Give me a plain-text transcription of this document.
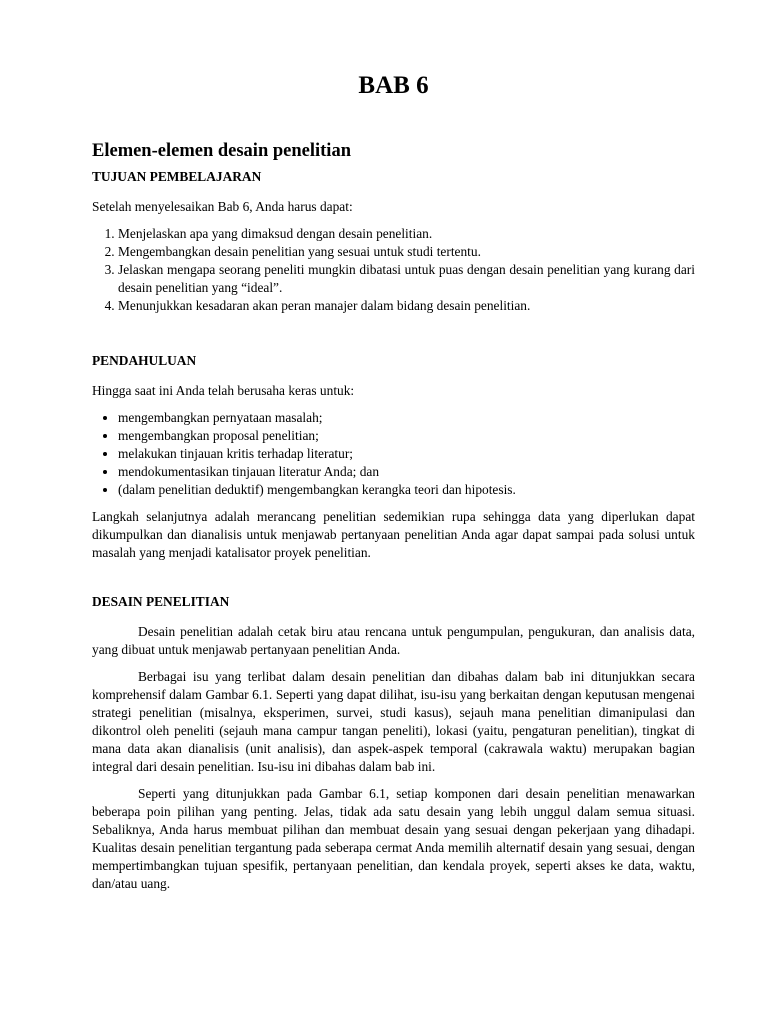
BAB 6
Elemen-elemen desain penelitian
TUJUAN PEMBELAJARAN

Setelah menyelesaikan Bab 6, Anda harus dapat:

1. Menjelaskan apa yang dimaksud dengan desain penelitian.
2. Mengembangkan desain penelitian yang sesuai untuk studi tertentu.
3. Jelaskan mengapa seorang peneliti mungkin dibatasi untuk puas dengan desain penelitian yang kurang dari desain penelitian yang “ideal”.
4. Menunjukkan kesadaran akan peran manajer dalam bidang desain penelitian.
PENDAHULUAN

Hingga saat ini Anda telah berusaha keras untuk:

• mengembangkan pernyataan masalah;
• mengembangkan proposal penelitian;
• melakukan tinjauan kritis terhadap literatur;
• mendokumentasikan tinjauan literatur Anda; dan
• (dalam penelitian deduktif) mengembangkan kerangka teori dan hipotesis.

Langkah selanjutnya adalah merancang penelitian sedemikian rupa sehingga data yang diperlukan dapat dikumpulkan dan dianalisis untuk menjawab pertanyaan penelitian Anda agar dapat sampai pada solusi untuk masalah yang menjadi katalisator proyek penelitian.

DESAIN PENELITIAN

Desain penelitian adalah cetak biru atau rencana untuk pengumpulan, pengukuran, dan analisis data, yang dibuat untuk menjawab pertanyaan penelitian Anda.

Berbagai isu yang terlibat dalam desain penelitian dan dibahas dalam bab ini ditunjukkan secara komprehensif dalam Gambar 6.1. Seperti yang dapat dilihat, isu-isu yang berkaitan dengan keputusan mengenai strategi penelitian (misalnya, eksperimen, survei, studi kasus), sejauh mana penelitian dimanipulasi dan dikontrol oleh peneliti (sejauh mana campur tangan peneliti), lokasi (yaitu, pengaturan penelitian), tingkat di mana data akan dianalisis (unit analisis), dan aspek-aspek temporal (cakrawala waktu) merupakan bagian integral dari desain penelitian. Isu-isu ini dibahas dalam bab ini.

Seperti yang ditunjukkan pada Gambar 6.1, setiap komponen dari desain penelitian menawarkan beberapa poin pilihan yang penting. Jelas, tidak ada satu desain yang lebih unggul dalam semua situasi. Sebaliknya, Anda harus membuat pilihan dan membuat desain yang sesuai dengan pekerjaan yang dihadapi. Kualitas desain penelitian tergantung pada seberapa cermat Anda memilih alternatif desain yang sesuai, dengan mempertimbangkan tujuan spesifik, pertanyaan penelitian, dan kendala proyek, seperti akses ke data, waktu, dan/atau uang.
